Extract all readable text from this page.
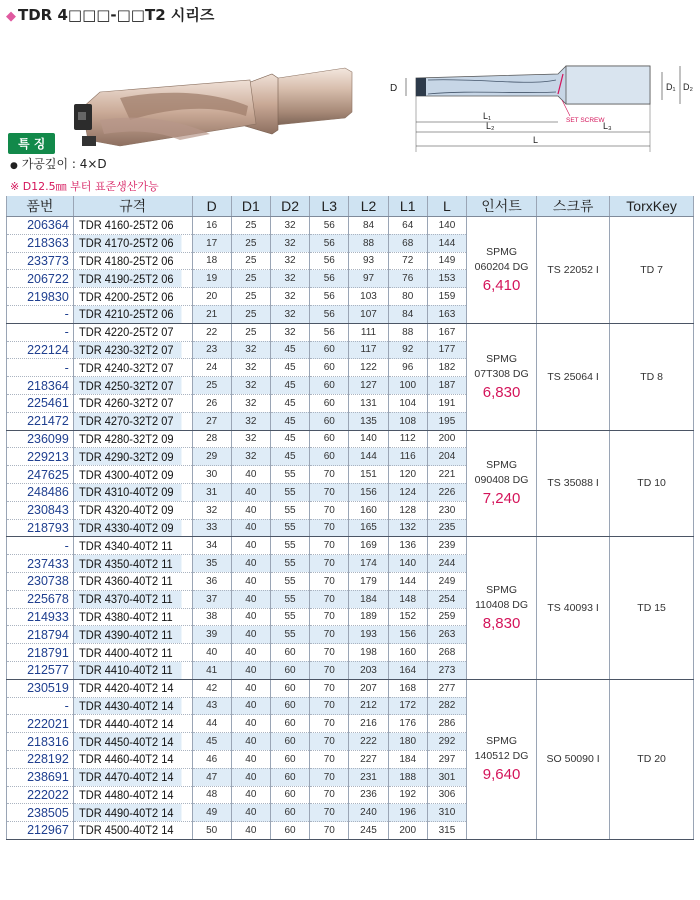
◆ TDR 4□□□-□□T2 시리즈
D	D₁ D₂
SET SCREW
L₁
L₂	L₃
L
특 징
● 가공깊이 : 4×D
※ D12.5㎜ 부터 표준생산가능
품번	규격	D	D1	D2	L3	L2	L1	L	인서트	스크류	TorxKey
206364	TDR 4160-25T2 06	16	25	32	56	84	64	140	SPMG
060204 DG
6,410	TS 22052 I	TD 7
218363	TDR 4170-25T2 06	17	25	32	56	88	68	144			
233773	TDR 4180-25T2 06	18	25	32	56	93	72	149			
206722	TDR 4190-25T2 06	19	25	32	56	97	76	153			
219830	TDR 4200-25T2 06	20	25	32	56	103	80	159			
-	TDR 4210-25T2 06	21	25	32	56	107	84	163			
-	TDR 4220-25T2 07	22	25	32	56	111	88	167	SPMG
07T308 DG
6,830	TS 25064 I	TD 8
222124	TDR 4230-32T2 07	23	32	45	60	117	92	177			
-	TDR 4240-32T2 07	24	32	45	60	122	96	182			
218364	TDR 4250-32T2 07	25	32	45	60	127	100	187			
225461	TDR 4260-32T2 07	26	32	45	60	131	104	191			
221472	TDR 4270-32T2 07	27	32	45	60	135	108	195			
236099	TDR 4280-32T2 09	28	32	45	60	140	112	200	SPMG
090408 DG
7,240	TS 35088 I	TD 10
229213	TDR 4290-32T2 09	29	32	45	60	144	116	204			
247625	TDR 4300-40T2 09	30	40	55	70	151	120	221			
248486	TDR 4310-40T2 09	31	40	55	70	156	124	226			
230843	TDR 4320-40T2 09	32	40	55	70	160	128	230			
218793	TDR 4330-40T2 09	33	40	55	70	165	132	235			
-	TDR 4340-40T2 11	34	40	55	70	169	136	239	SPMG
110408 DG
8,830	TS 40093 I	TD 15
237433	TDR 4350-40T2 11	35	40	55	70	174	140	244			
230738	TDR 4360-40T2 11	36	40	55	70	179	144	249			
225678	TDR 4370-40T2 11	37	40	55	70	184	148	254			
214933	TDR 4380-40T2 11	38	40	55	70	189	152	259			
218794	TDR 4390-40T2 11	39	40	55	70	193	156	263			
218791	TDR 4400-40T2 11	40	40	60	70	198	160	268			
212577	TDR 4410-40T2 11	41	40	60	70	203	164	273			
230519	TDR 4420-40T2 14	42	40	60	70	207	168	277	SPMG
140512 DG
9,640	SO 50090 I	TD 20
-	TDR 4430-40T2 14	43	40	60	70	212	172	282			
222021	TDR 4440-40T2 14	44	40	60	70	216	176	286			
218316	TDR 4450-40T2 14	45	40	60	70	222	180	292			
228192	TDR 4460-40T2 14	46	40	60	70	227	184	297			
238691	TDR 4470-40T2 14	47	40	60	70	231	188	301			
222022	TDR 4480-40T2 14	48	40	60	70	236	192	306			
238505	TDR 4490-40T2 14	49	40	60	70	240	196	310			
212967	TDR 4500-40T2 14	50	40	60	70	245	200	315			
